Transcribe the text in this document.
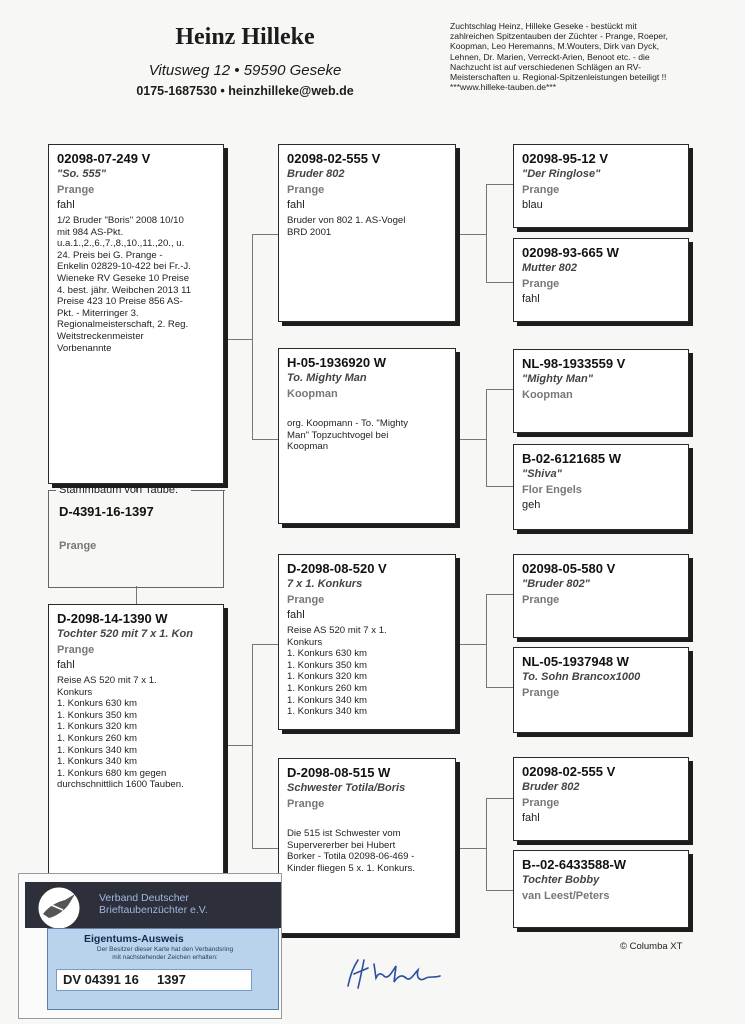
Heinz Hilleke
Vitusweg 12 • 59590 Geseke
0175-1687530 • heinzhilleke@web.de
Zuchtschlag Heinz, Hilleke Geseke - bestückt mit
zahlreichen Spitzentauben der Züchter - Prange, Roeper,
Koopman, Leo Heremanns, M.Wouters, Dirk van Dyck,
Lehnen, Dr. Marien, Verreckt-Arien, Benoot etc. - die
Nachzucht ist auf verschiedenen Schlägen an RV-
Meisterschaften u. Regional-Spitzenleistungen beteiligt !!
***www.hilleke-tauben.de***
02098-07-249 V
"So. 555"
Prange
fahl
1/2 Bruder "Boris" 2008 10/10
mit 984 AS-Pkt.
u.a.1.,2.,6.,7.,8.,10.,11.,20., u.
24. Preis bei G. Prange -
Enkelin 02829-10-422 bei Fr.-J.
Wieneke RV Geseke 10 Preise
4. best. jähr. Weibchen 2013 11
Preise 423 10 Preise 856 AS-
Pkt. - Miterringer 3.
Regionalmeisterschaft, 2. Reg.
Weitstreckenmeister
Vorbenannte
Stammbaum von Taube:
D-4391-16-1397
Prange
D-2098-14-1390 W
Tochter 520 mit 7 x 1. Kon
Prange
fahl
Reise AS 520 mit 7 x 1.
Konkurs
1. Konkurs 630 km
1. Konkurs 350 km
1. Konkurs 320 km
1. Konkurs 260 km
1. Konkurs 340 km
1. Konkurs 340 km
1. Konkurs 680 km gegen
durchschnittlich 1600 Tauben.
02098-02-555 V
Bruder 802
Prange
fahl
Bruder von 802 1. AS-Vogel
BRD 2001
H-05-1936920 W
To. Mighty Man
Koopman
org. Koopmann - To. "Mighty
Man" Topzuchtvogel bei
Koopman
D-2098-08-520 V
7 x 1. Konkurs
Prange
fahl
Reise AS 520 mit 7 x 1.
Konkurs
1. Konkurs 630 km
1. Konkurs 350 km
1. Konkurs 320 km
1. Konkurs 260 km
1. Konkurs 340 km
1. Konkurs 340 km
D-2098-08-515 W
Schwester Totila/Boris
Prange
Die 515 ist Schwester vom
Supervererber bei Hubert
Borker - Totila 02098-06-469 -
Kinder fliegen 5 x. 1. Konkurs.
02098-95-12 V
"Der Ringlose"
Prange
blau
02098-93-665 W
Mutter 802
Prange
fahl
NL-98-1933559 V
"Mighty Man"
Koopman
B-02-6121685 W
"Shiva"
Flor Engels
geh
02098-05-580 V
"Bruder 802"
Prange
NL-05-1937948 W
To. Sohn Brancox1000
Prange
02098-02-555 V
Bruder 802
Prange
fahl
B--02-6433588-W
Tochter Bobby
van Leest/Peters
© Columba XT
Verband Deutscher
Brieftaubenzüchter e.V.
Eigentums-Ausweis
Der Besitzer dieser Karte hat den Verbandsring
mit nachstehender Zeichen erhalten:
DV 04391 16     1397
